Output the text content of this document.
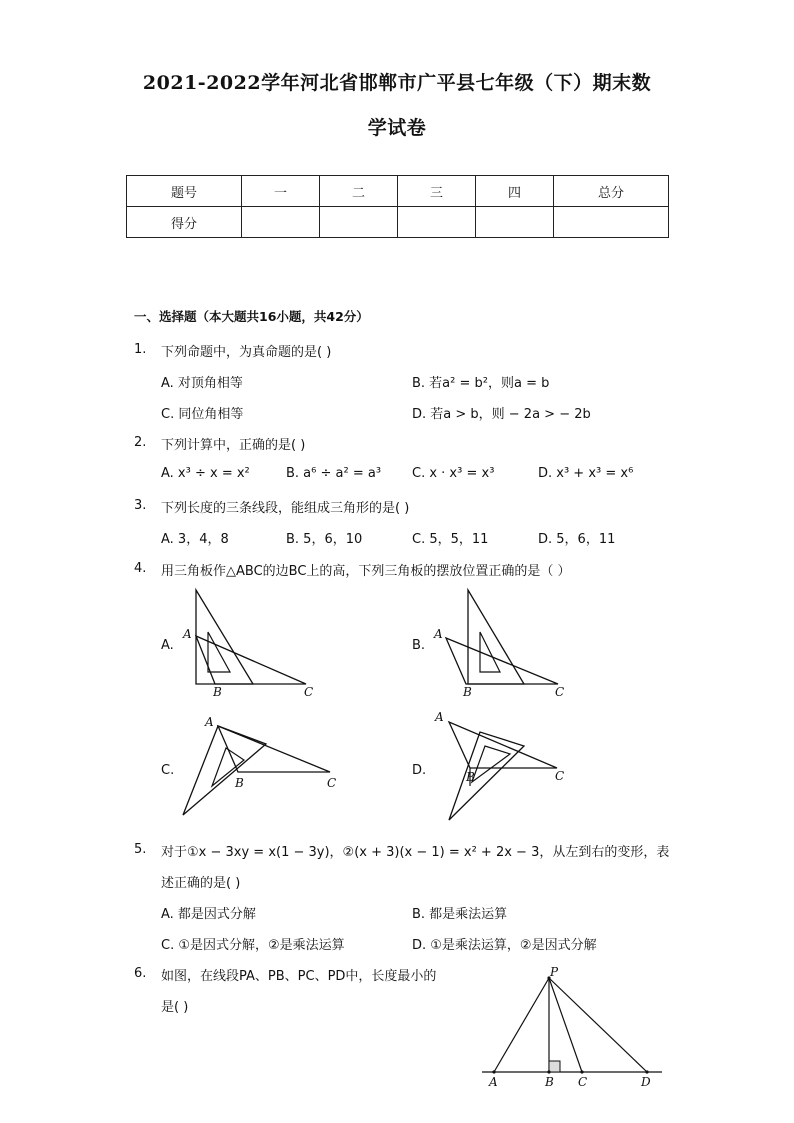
2021-2022学年河北省邯郸市广平县七年级（下）期末数
学试卷
题号	一	二	三	四	总分
得分					
一、选择题（本大题共16小题，共42分）
1. 下列命题中，为真命题的是( )
A. 对顶角相等	B. 若a² = b²，则a = b
C. 同位角相等	D. 若a > b，则 − 2a > − 2b
2. 下列计算中，正确的是( )
A. x³ ÷ x = x²	B. a⁶ ÷ a² = a³ C. x · x³ = x³	D. x³ + x³ = x⁶
3. 下列长度的三条线段，能组成三角形的是( )
A. 3，4，8	B. 5，6，10	C. 5，5，11	D. 5，6，11
4. 用三角板作△ABC的边BC上的高，下列三角板的摆放位置正确的是（ ）
A.
A
B	C
B.
A
B	C
C.
A
B	C
D.
A
B	C
5. 对于①x − 3xy = x(1 − 3y)，②(x + 3)(x − 1) = x² + 2x − 3，从左到右的变形，表
述正确的是( )
A. 都是因式分解	B. 都是乘法运算
C. ①是因式分解，②是乘法运算	D. ①是乘法运算，②是因式分解
6. 如图，在线段PA、PB、PC、PD中，长度最小的
是( )
P
A	B C	D
